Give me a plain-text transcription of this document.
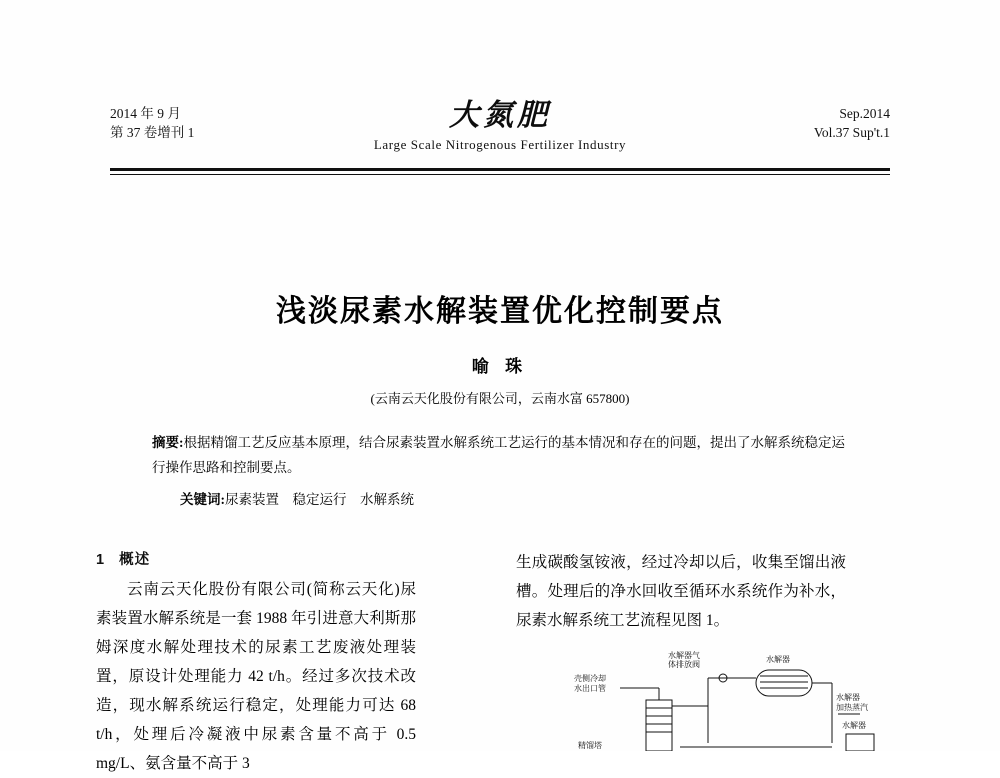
2014 年 9 月
第 37 卷增刊 1
大氮肥
Large Scale Nitrogenous Fertilizer Industry
Sep.2014
Vol.37 Sup't.1
浅淡尿素水解装置优化控制要点
喻 珠
(云南云天化股份有限公司，云南水富 657800)
摘要:根据精馏工艺反应基本原理，结合尿素装置水解系统工艺运行的基本情况和存在的问题，提出了水解系统稳定运行操作思路和控制要点。
关键词:尿素装置　稳定运行　水解系统
1 概述

云南云天化股份有限公司(简称云天化)尿素装置水解系统是一套 1988 年引进意大利斯那姆深度水解处理技术的尿素工艺废液处理装置，原设计处理能力 42 t/h。经过多次技术改造，现水解系统运行稳定，处理能力可达 68 t/h，处理后冷凝液中尿素含量不高于 0.5 mg/L、氨含量不高于 3

生成碳酸氢铵液，经过冷却以后，收集至馏出液槽。处理后的净水回收至循环水系统作为补水，尿素水解系统工艺流程见图 1。

水解器气
体排放阀
水解器
壳侧冷却
水出口管
水解器
加热蒸汽
水解器
精馏塔
